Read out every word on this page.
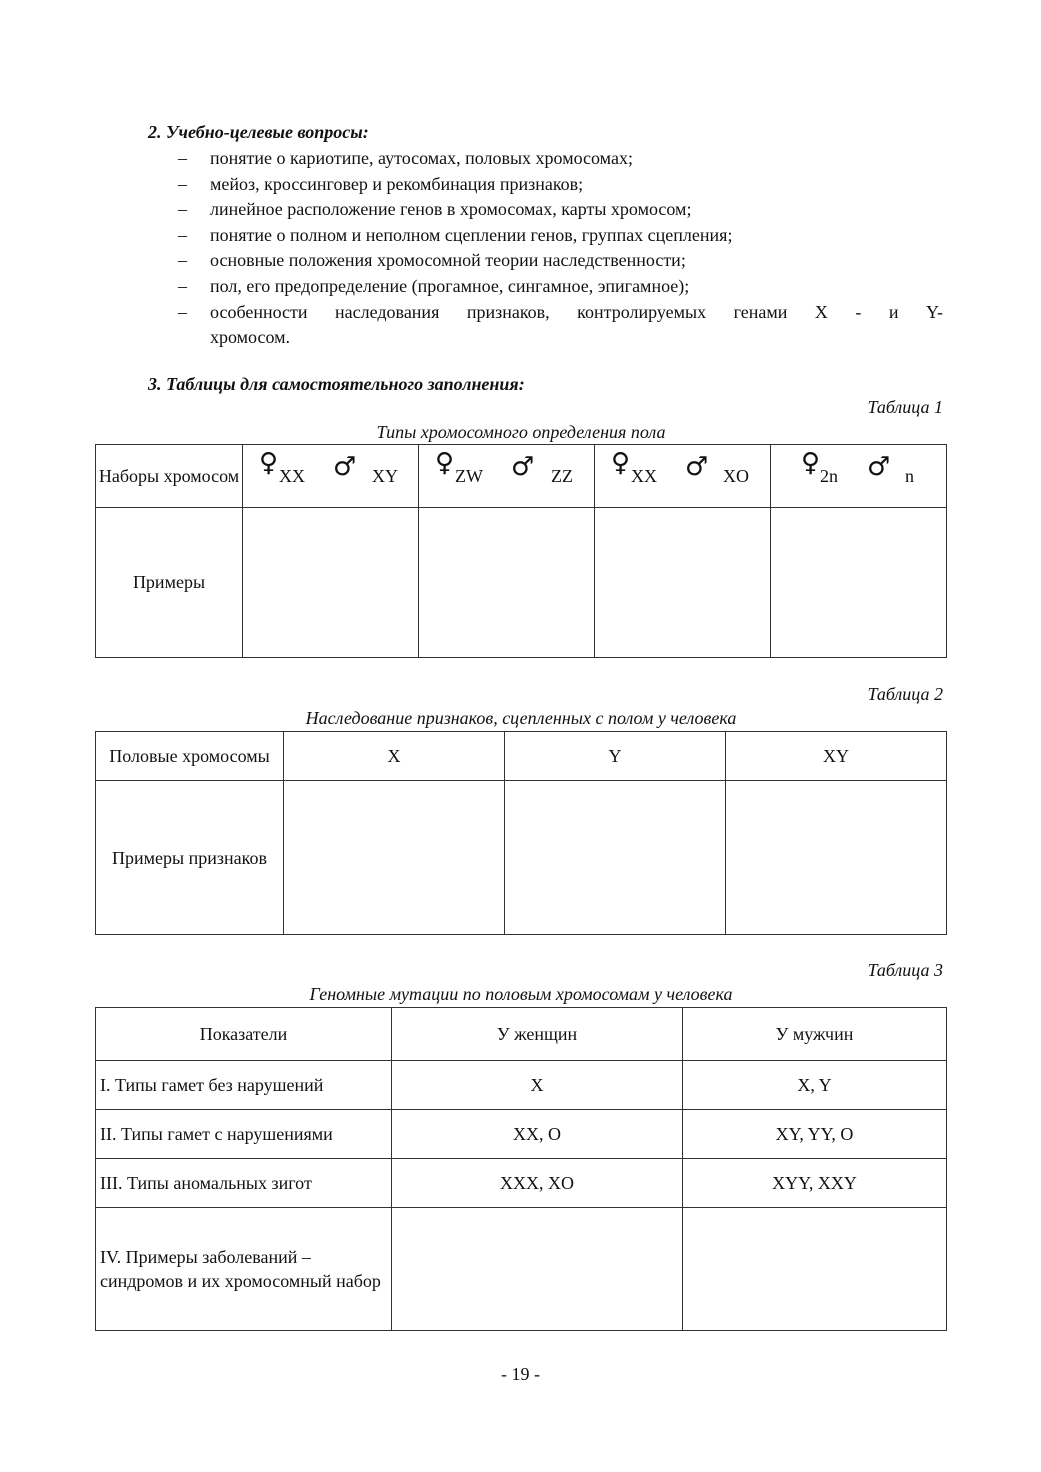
2. Учебно-целевые вопросы:
– понятие о кариотипе, аутосомах, половых хромосомах;
– мейоз, кроссинговер и рекомбинация признаков;
– линейное расположение генов в хромосомах, карты хромосом;
– понятие о полном и неполном сцеплении генов, группах сцепления;
– основные положения хромосомной теории наследственности;
– пол, его предопределение (прогамное, сингамное, эпигамное);
– особенности наследования признаков, контролируемых генами X - и Y-
хромосом.
3. Таблицы для самостоятельного заполнения:
Таблица 1
Типы хромосомного определения пола
Наборы хромосом	♀ XX ♂ XY	♀ ZW ♂ ZZ	♀ XX ♂ XO	♀ 2n ♂ n

Примеры				
Таблица 2
Наследование признаков, сцепленных с полом у человека
Половые хромосомы	X	Y	XY
Примеры признаков			
Таблица 3
Геномные мутации по половым хромосомам у человека
Показатели	У женщин	У мужчин
I. Типы гамет без нарушений	X	X, Y
II. Типы гамет с нарушениями	XX, O	XY, YY, O
III. Типы аномальных зигот	XXX, XO	XYY, XXY
IV. Примеры заболеваний – синдромов и их хромосомный набор		
- 19 -
